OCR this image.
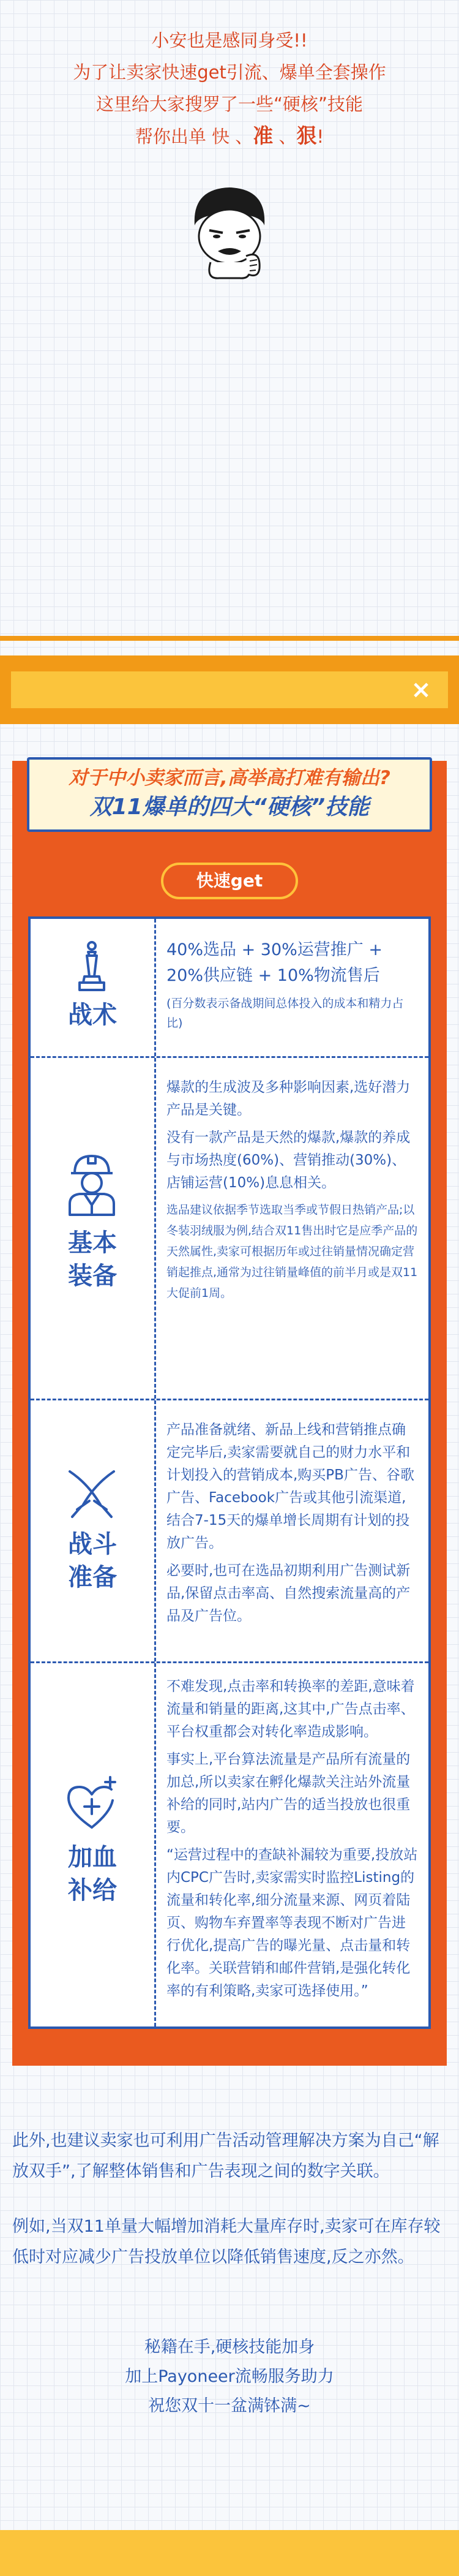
小安也是感同身受!!

为了让卖家快速get引流、爆单全套操作

这里给大家搜罗了一些“硬核”技能

帮你出单 快 、准 、狠!

×
对于中小卖家而言,高举高打难有输出?
双11爆单的四大“硬核”技能
快速get
战术

40%选品 + 30%运营推广 + 20%供应链 + 10%物流售后

(百分数表示备战期间总体投入的成本和精力占比)

基本
装备

爆款的生成波及多种影响因素,选好潜力产品是关键。

没有一款产品是天然的爆款,爆款的养成与市场热度(60%)、营销推动(30%)、店铺运营(10%)息息相关。

选品建议依据季节选取当季或节假日热销产品;以冬装羽绒服为例,结合双11售出时它是应季产品的天然属性,卖家可根据历年或过往销量情况确定营销起推点,通常为过往销量峰值的前半月或是双11大促前1周。

战斗
准备

产品准备就绪、新品上线和营销推点确定完毕后,卖家需要就自己的财力水平和计划投入的营销成本,购买PB广告、谷歌广告、Facebook广告或其他引流渠道,结合7-15天的爆单增长周期有计划的投放广告。

必要时,也可在选品初期利用广告测试新品,保留点击率高、自然搜索流量高的产品及广告位。

加血
补给

不难发现,点击率和转换率的差距,意味着流量和销量的距离,这其中,广告点击率、平台权重都会对转化率造成影响。

事实上,平台算法流量是产品所有流量的加总,所以卖家在孵化爆款关注站外流量补给的同时,站内广告的适当投放也很重要。

“运营过程中的查缺补漏较为重要,投放站内CPC广告时,卖家需实时监控Listing的流量和转化率,细分流量来源、网页着陆页、购物车弃置率等表现不断对广告进行优化,提高广告的曝光量、点击量和转化率。关联营销和邮件营销,是强化转化率的有利策略,卖家可选择使用。”

此外,也建议卖家也可利用广告活动管理解决方案为自己“解放双手”,了解整体销售和广告表现之间的数字关联。

例如,当双11单量大幅增加消耗大量库存时,卖家可在库存较低时对应减少广告投放单位以降低销售速度,反之亦然。

秘籍在手,硬核技能加身

加上Payoneer流畅服务助力

祝您双十一盆满钵满~
